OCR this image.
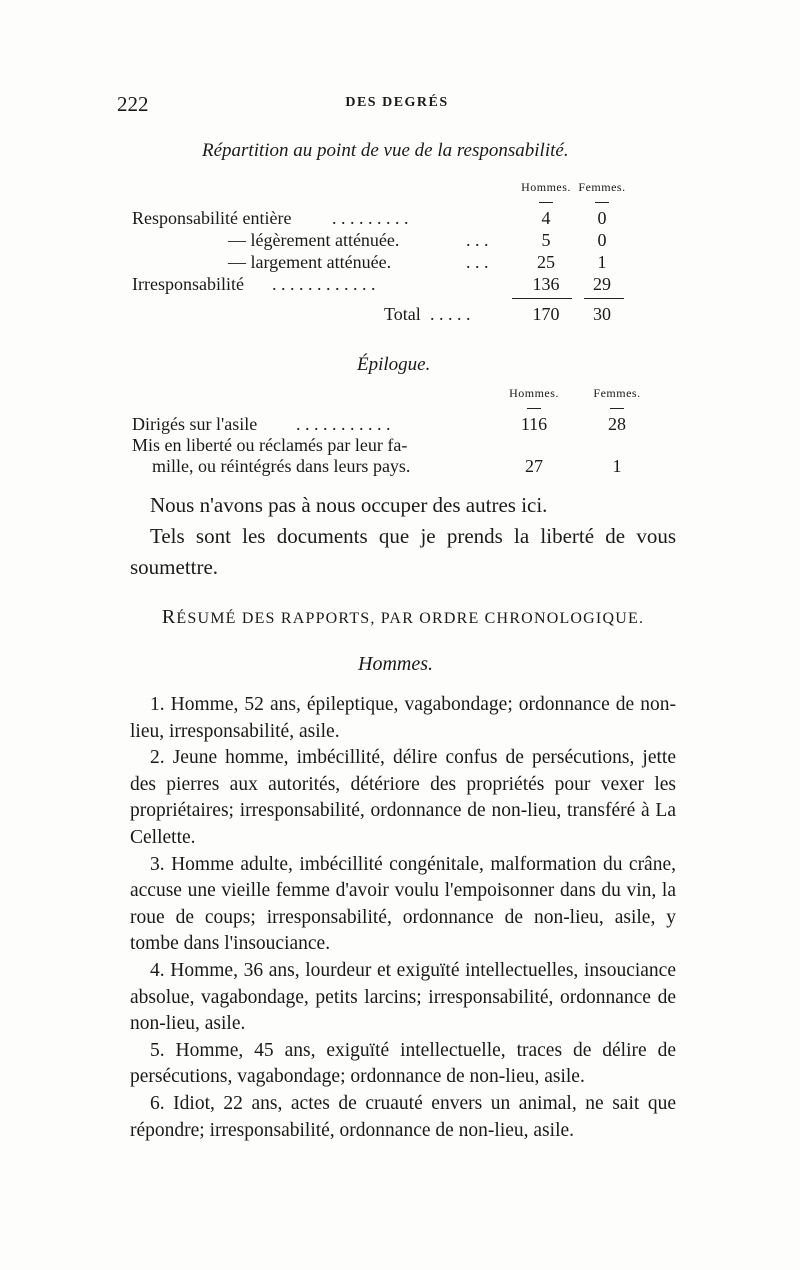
222	DES DEGRÉS
Répartition au point de vue de la responsabilité.
Hommes. Femmes.
Responsabilité entière . . . . . . . . .	4	0
— légèrement atténuée.	. . .	5	0
— largement atténuée.	. . .	25	1
Irresponsabilité . . . . . . . . . . . .	136	29
Total . . . . .	170	30
Épilogue.
Hommes.	Femmes.
Dirigés sur l'asile . . . . . . . . . . .	116	28
Mis en liberté ou réclamés par leur fa-
mille, ou réintégrés dans leurs pays.	27	1

Nous n'avons pas à nous occuper des autres ici.

Tels sont les documents que je prends la liberté de vous soumettre.

RÉSUMÉ DES RAPPORTS, PAR ORDRE CHRONOLOGIQUE.
Hommes.

1. Homme, 52 ans, épileptique, vagabondage; ordonnance de non-lieu, irresponsabilité, asile.

2. Jeune homme, imbécillité, délire confus de persécutions, jette des pierres aux autorités, détériore des propriétés pour vexer les propriétaires; irresponsabilité, ordonnance de non-lieu, transféré à La Cellette.

3. Homme adulte, imbécillité congénitale, malformation du crâne, accuse une vieille femme d'avoir voulu l'empoisonner dans du vin, la roue de coups; irresponsabilité, ordonnance de non-lieu, asile, y tombe dans l'insouciance.

4. Homme, 36 ans, lourdeur et exiguïté intellectuelles, insouciance absolue, vagabondage, petits larcins; irresponsabilité, ordonnance de non-lieu, asile.

5. Homme, 45 ans, exiguïté intellectuelle, traces de délire de persécutions, vagabondage; ordonnance de non-lieu, asile.

6. Idiot, 22 ans, actes de cruauté envers un animal, ne sait que répondre; irresponsabilité, ordonnance de non-lieu, asile.
